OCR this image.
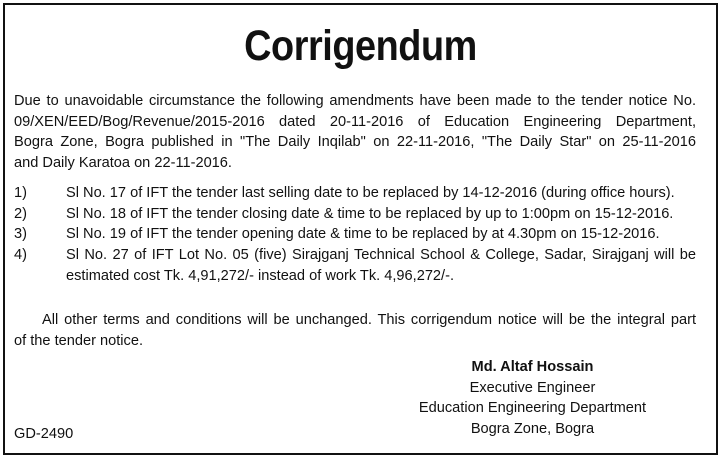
Corrigendum
Due to unavoidable circumstance the following amendments have been made to the tender notice No.
09/XEN/EED/Bog/Revenue/2015-2016 dated 20-11-2016 of Education Engineering Department,
Bogra Zone, Bogra published in "The Daily Inqilab" on 22-11-2016, "The Daily Star" on 25-11-2016
and Daily Karatoa on 22-11-2016.
1)	Sl No. 17 of IFT the tender last selling date to be replaced by 14-12-2016 (during office hours).
2)	Sl No. 18 of IFT the tender closing date & time to be replaced by up to 1:00pm on 15-12-2016.
3)	Sl No. 19 of IFT the tender opening date & time to be replaced by at 4.30pm on 15-12-2016.
4)	Sl No. 27 of IFT Lot No. 05 (five) Sirajganj Technical School & College, Sadar, Sirajganj will be
estimated cost Tk. 4,91,272/- instead of work Tk. 4,96,272/-.
All other terms and conditions will be unchanged. This corrigendum notice will be the integral part
of the tender notice.
Md. Altaf Hossain
Executive Engineer
Education Engineering Department
Bogra Zone, Bogra
GD-2490
